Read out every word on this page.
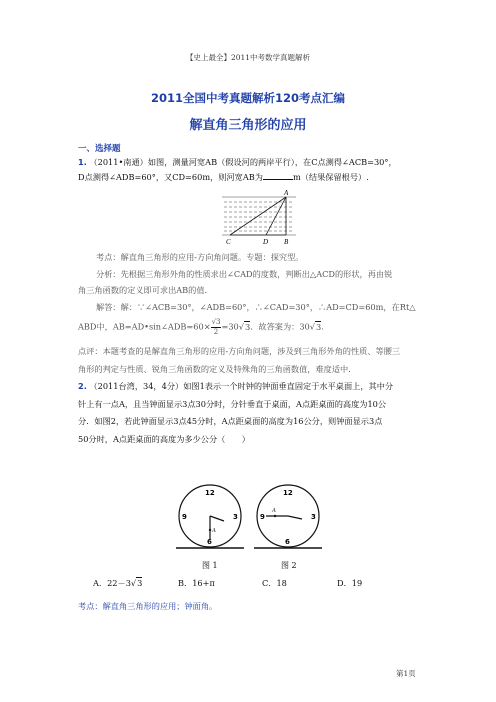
【史上最全】2011中考数学真题解析
2011全国中考真题解析120考点汇编
解直角三角形的应用
一、选择题
1. （2011•南通）如图，测量河宽AB（假设河的两岸平行），在C点测得∠ACB=30°，
D点测得∠ADB=60°，又CD=60m，则河宽AB为	m（结果保留根号）.
A
C	D B
考点：解直角三角形的应用-方向角问题。专题：探究型。
分析：先根据三角形外角的性质求出∠CAD的度数，判断出△ACD的形状，再由锐
角三角函数的定义即可求出AB的值.
解答：解：∵∠ACB=30°，∠ADB=60°，∴∠CAD=30°，∴AD=CD=60m，在Rt△
ABD中，AB=AD•sin∠ADB=60× $\frac{√3}{2} =30√3$．故答案为：30√3.
点评：本题考查的是解直角三角形的应用-方向角问题，涉及到三角形外角的性质、等腰三
角形的判定与性质、锐角三角函数的定义及特殊角的三角函数值，难度适中.
2. （2011台湾，34，4分）如图1表示一个时钟的钟面垂直固定于水平桌面上，其中分
针上有一点A，且当钟面显示3点30分时，分针垂直于桌面，A点距桌面的高度为10公
分．如图2，若此钟面显示3点45分时，A点距桌面的高度为16公分，则钟面显示3点
50分时，A点距桌面的高度为多少公分（　　）
12
9	3
6
A
12
9	3
6
A
图 1	图 2
A．22－3√3	B．16+π	C．18	D．19
考点：解直角三角形的应用；钟面角。
第1页
